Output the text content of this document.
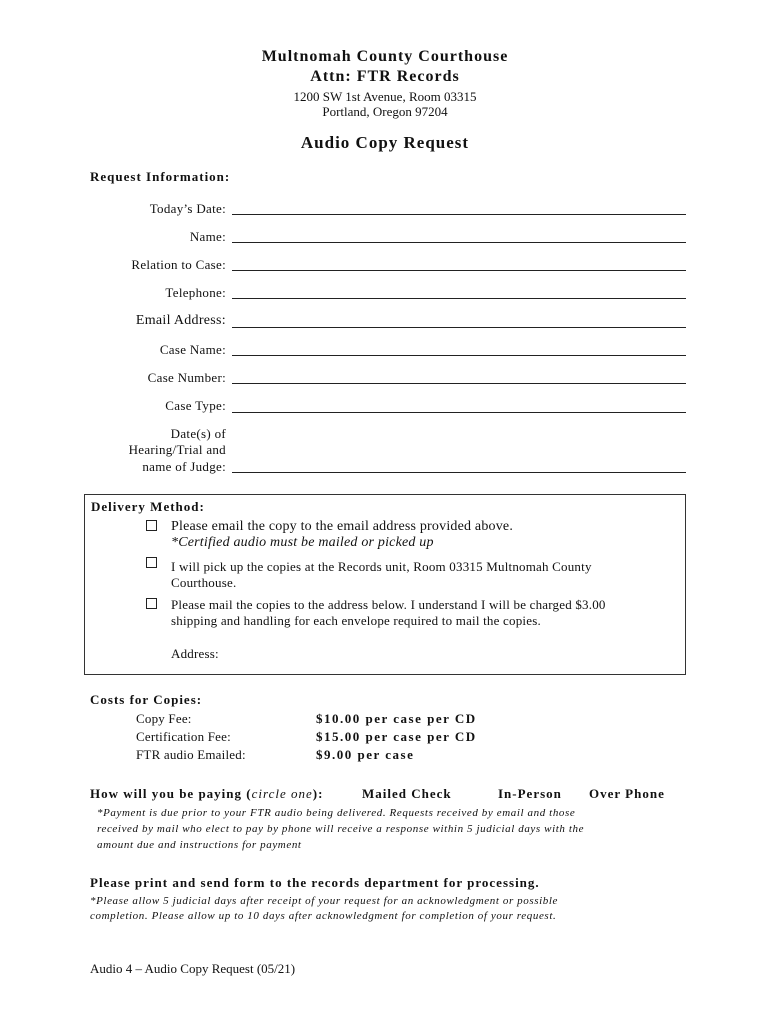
Multnomah County Courthouse
Attn: FTR Records
1200 SW 1st Avenue, Room 03315
Portland, Oregon 97204
Audio Copy Request
Request Information:
Today’s Date:
Name:
Relation to Case:
Telephone:
Email Address:
Case Name:
Case Number:
Case Type:
Date(s) of
Hearing/Trial and
name of Judge:
Delivery Method:
Please email the copy to the email address provided above.
*Certified audio must be mailed or picked up
I will pick up the copies at the Records unit, Room 03315 Multnomah County
Courthouse.
Please mail the copies to the address below. I understand I will be charged $3.00
shipping and handling for each envelope required to mail the copies.
Address:
Costs for Copies:
Copy Fee:	$10.00 per case per CD
Certification Fee:	$15.00 per case per CD
FTR audio Emailed:	$9.00 per case
How will you be paying (circle one):	Mailed Check	In-Person Over Phone
*Payment is due prior to your FTR audio being delivered. Requests received by email and those
received by mail who elect to pay by phone will receive a response within 5 judicial days with the
amount due and instructions for payment
Please print and send form to the records department for processing.
*Please allow 5 judicial days after receipt of your request for an acknowledgment or possible
completion. Please allow up to 10 days after acknowledgment for completion of your request.
Audio 4 – Audio Copy Request (05/21)
